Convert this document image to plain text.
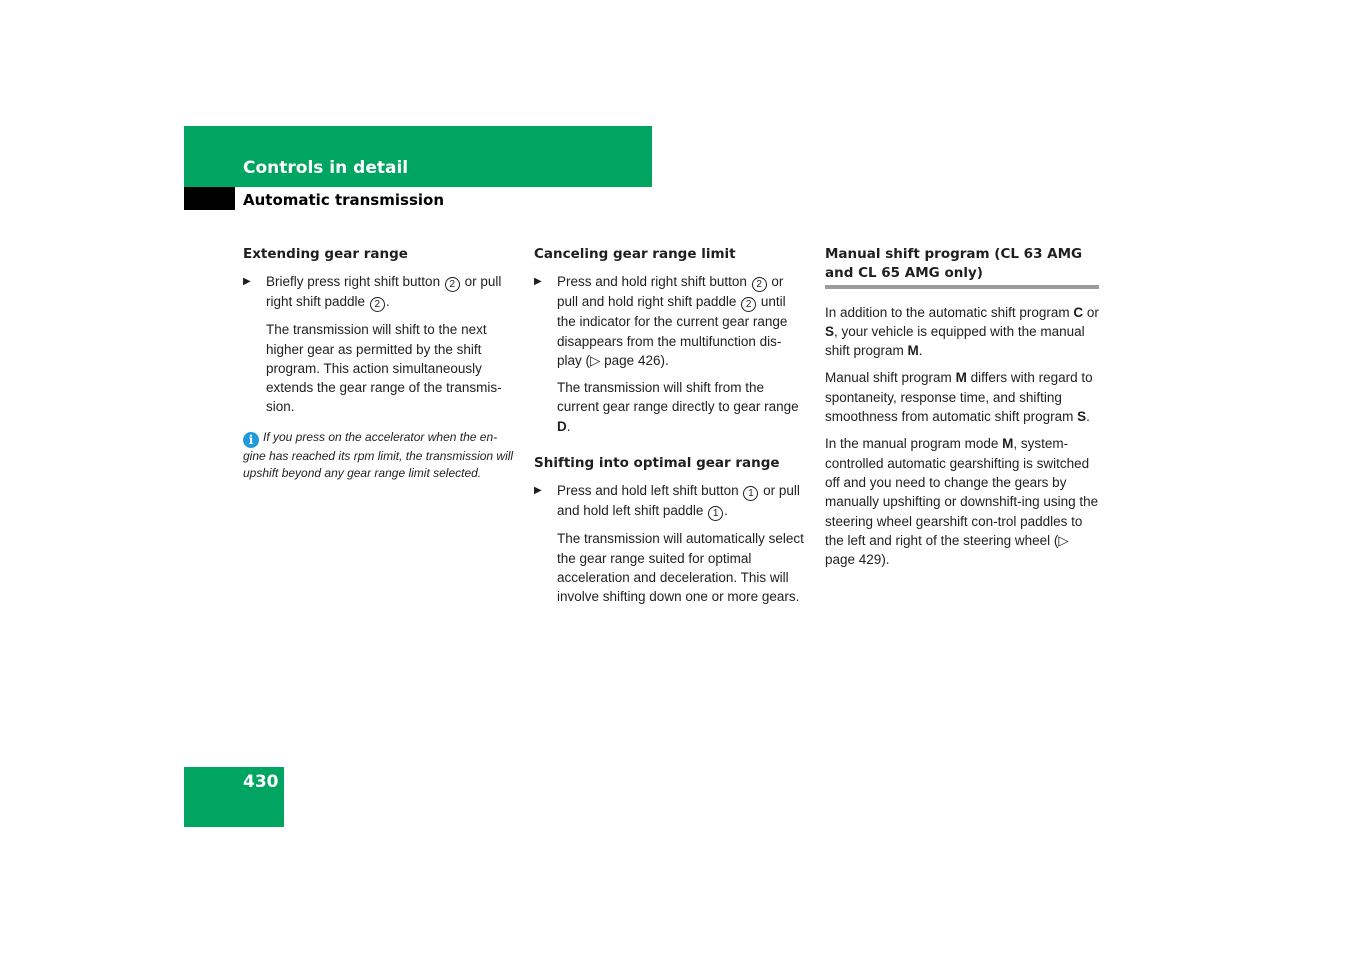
Controls in detail
Automatic transmission
Extending gear range
▶ Briefly press right shift button 2 or pull right shift paddle 2 .
The transmission will shift to the next higher gear as permitted by the shift program. This action simultaneously extends the gear range of the transmis-sion.
i If you press on the accelerator when the en-gine has reached its rpm limit, the transmission will upshift beyond any gear range limit selected.
Canceling gear range limit
▶ Press and hold right shift button 2 or pull and hold right shift paddle 2 until the indicator for the current gear range disappears from the multifunction dis-play (▷ page 426).
The transmission will shift from the current gear range directly to gear range D.
Shifting into optimal gear range
▶ Press and hold left shift button 1 or pull and hold left shift paddle 1 .
The transmission will automatically select the gear range suited for optimal acceleration and deceleration. This will involve shifting down one or more gears.
Manual shift program (CL 63 AMG and CL 65 AMG only)
In addition to the automatic shift program C or S, your vehicle is equipped with the manual shift program M.
Manual shift program M differs with regard to spontaneity, response time, and shifting smoothness from automatic shift program S.
In the manual program mode M, system-controlled automatic gearshifting is switched off and you need to change the gears by manually upshifting or downshift-ing using the steering wheel gearshift con-trol paddles to the left and right of the steering wheel (▷ page 429).
430
